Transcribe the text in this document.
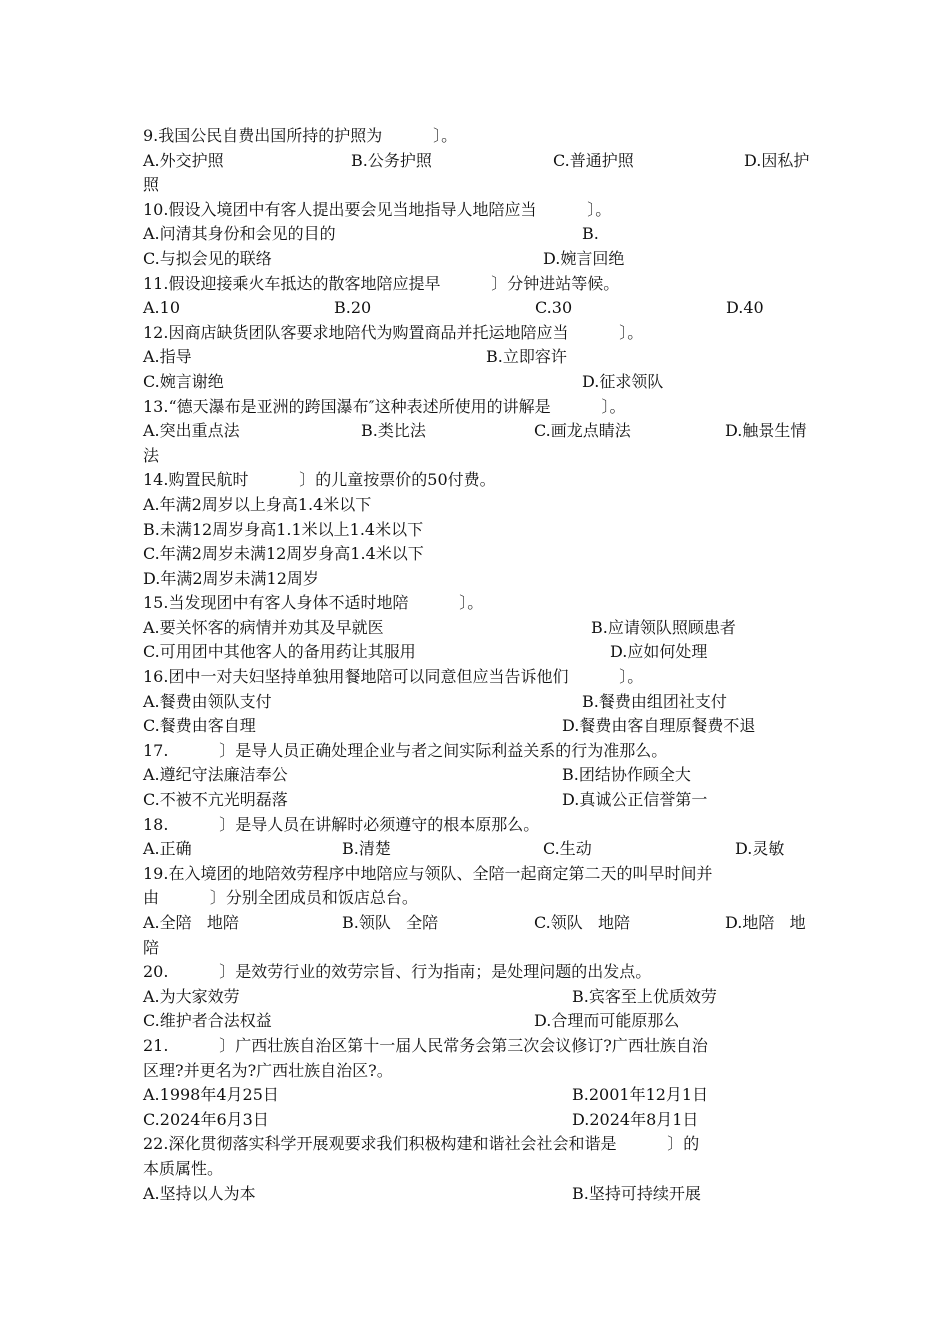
9.我国公民自费出国所持的护照为          〕。
A.外交护照	B.公务护照	C.普通护照	D.因私护
照
10.假设入境团中有客人提出要会见当地指导人地陪应当          〕。
A.问清其身份和会见的目的	B.
C.与拟会见的联络	D.婉言回绝
11.假设迎接乘火车抵达的散客地陪应提早          〕分钟进站等候。
A.10	B.20	C.30	D.40
12.因商店缺货团队客要求地陪代为购置商品并托运地陪应当          〕。
A.指导	B.立即容许
C.婉言谢绝	D.征求领队
13.“德天瀑布是亚洲的跨国瀑布″这种表述所使用的讲解是          〕。
A.突出重点法	B.类比法	C.画龙点睛法	D.触景生情
法
14.购置民航时          〕的儿童按票价的50付费。
A.年满2周岁以上身高1.4米以下
B.未满12周岁身高1.1米以上1.4米以下
C.年满2周岁未满12周岁身高1.4米以下
D.年满2周岁未满12周岁
15.当发现团中有客人身体不适时地陪          〕。
A.要关怀客的病情并劝其及早就医	B.应请领队照顾患者
C.可用团中其他客人的备用药让其服用	D.应如何处理
16.团中一对夫妇坚持单独用餐地陪可以同意但应当告诉他们          〕。
A.餐费由领队支付	B.餐费由组团社支付
C.餐费由客自理	D.餐费由客自理原餐费不退
17.          〕是导人员正确处理企业与者之间实际利益关系的行为准那么。
A.遵纪守法廉洁奉公	B.团结协作顾全大
C.不被不亢光明磊落	D.真诚公正信誉第一
18.          〕是导人员在讲解时必须遵守的根本原那么。
A.正确	B.清楚	C.生动	D.灵敏
19.在入境团的地陪效劳程序中地陪应与领队、全陪一起商定第二天的叫早时间并
由          〕分别全团成员和饭店总台。
A.全陪   地陪	B.领队   全陪	C.领队   地陪	D.地陪   地
陪
20.          〕是效劳行业的效劳宗旨、行为指南；是处理问题的出发点。
A.为大家效劳	B.宾客至上优质效劳
C.维护者合法权益	D.合理而可能原那么
21.          〕广西壮族自治区第十一届人民常务会第三次会议修订?广西壮族自治
区理?并更名为?广西壮族自治区?。
A.1998年4月25日	B.2001年12月1日
C.2024年6月3日	D.2024年8月1日
22.深化贯彻落实科学开展观要求我们积极构建和谐社会社会和谐是          〕的
本质属性。
A.坚持以人为本	B.坚持可持续开展
